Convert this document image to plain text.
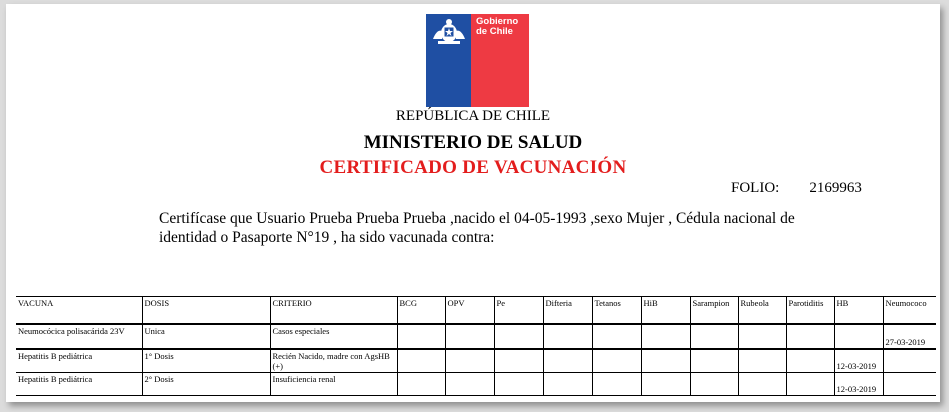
Gobierno
de Chile
REPÚBLICA DE CHILE
MINISTERIO DE SALUD
CERTIFICADO DE VACUNACIÓN
FOLIO: 2169963
Certifícase que Usuario Prueba Prueba Prueba ,nacido el 04-05-1993 ,sexo Mujer , Cédula nacional de
identidad o Pasaporte N°19 , ha sido vacunada contra:
VACUNA	DOSIS	CRITERIO	BCG	OPV	Pe	Difteria	Tetanos	HiB	Sarampion	Rubeola	Parotiditis	HB	Neumococo
Neumocócica polisacárida 23V	Unica	Casos especiales											27-03-2019
Hepatitis B pediátrica	1° Dosis	Recién Nacido, madre con AgsHB (+)										12-03-2019	
Hepatitis B pediátrica	2° Dosis	Insuficiencia renal										12-03-2019	
